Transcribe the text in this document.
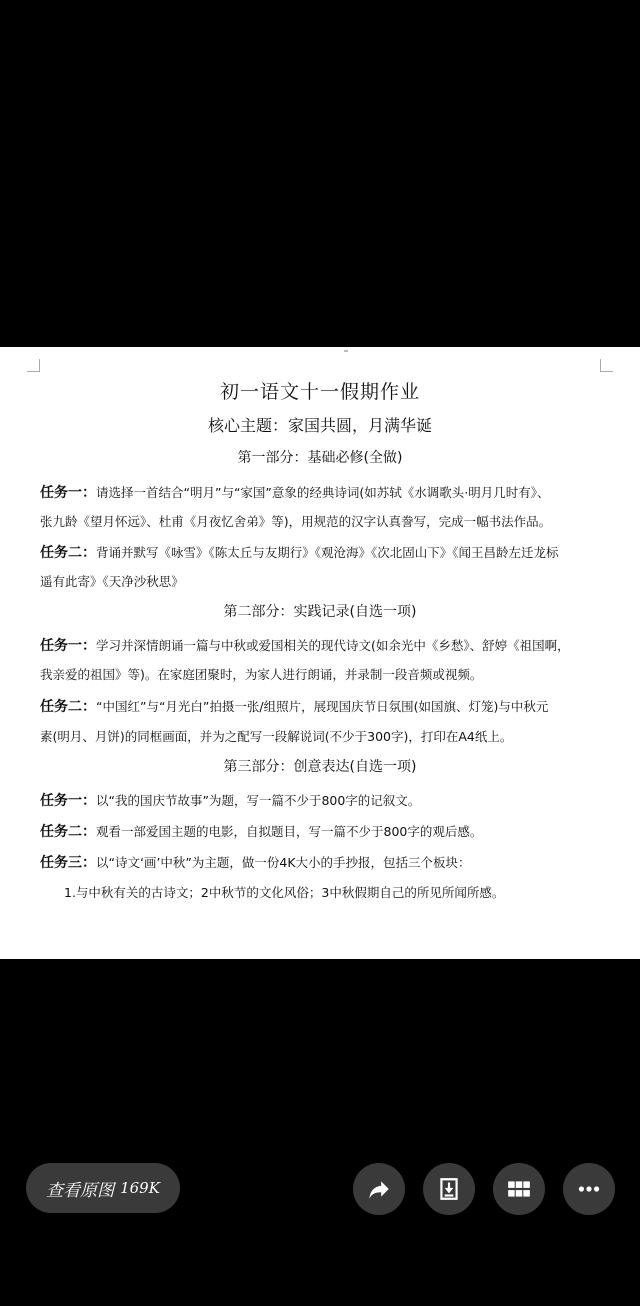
初一语文十一假期作业
核心主题：家国共圆，月满华诞
第一部分：基础必修(全做)
任务一：请选择一首结合“明月”与“家国”意象的经典诗词(如苏轼《水调歌头·明月几时有》、
张九龄《望月怀远》、杜甫《月夜忆舍弟》等)，用规范的汉字认真誊写，完成一幅书法作品。
任务二：背诵并默写《咏雪》《陈太丘与友期行》《观沧海》《次北固山下》《闻王昌龄左迁龙标
遥有此寄》《天净沙秋思》
第二部分：实践记录(自选一项)
任务一：学习并深情朗诵一篇与中秋或爱国相关的现代诗文(如余光中《乡愁》、舒婷《祖国啊，
我亲爱的祖国》等)。在家庭团聚时，为家人进行朗诵，并录制一段音频或视频。
任务二：“中国红”与“月光白”拍摄一张/组照片，展现国庆节日氛围(如国旗、灯笼)与中秋元
素(明月、月饼)的同框画面，并为之配写一段解说词(不少于300字)，打印在A4纸上。
第三部分：创意表达(自选一项)
任务一：以“我的国庆节故事”为题，写一篇不少于800字的记叙文。
任务二：观看一部爱国主题的电影，自拟题目，写一篇不少于800字的观后感。
任务三：以“诗文‘画’中秋”为主题，做一份4K大小的手抄报，包括三个板块：
1.与中秋有关的古诗文；2中秋节的文化风俗；3中秋假期自己的所见所闻所感。
查看原图 169K
